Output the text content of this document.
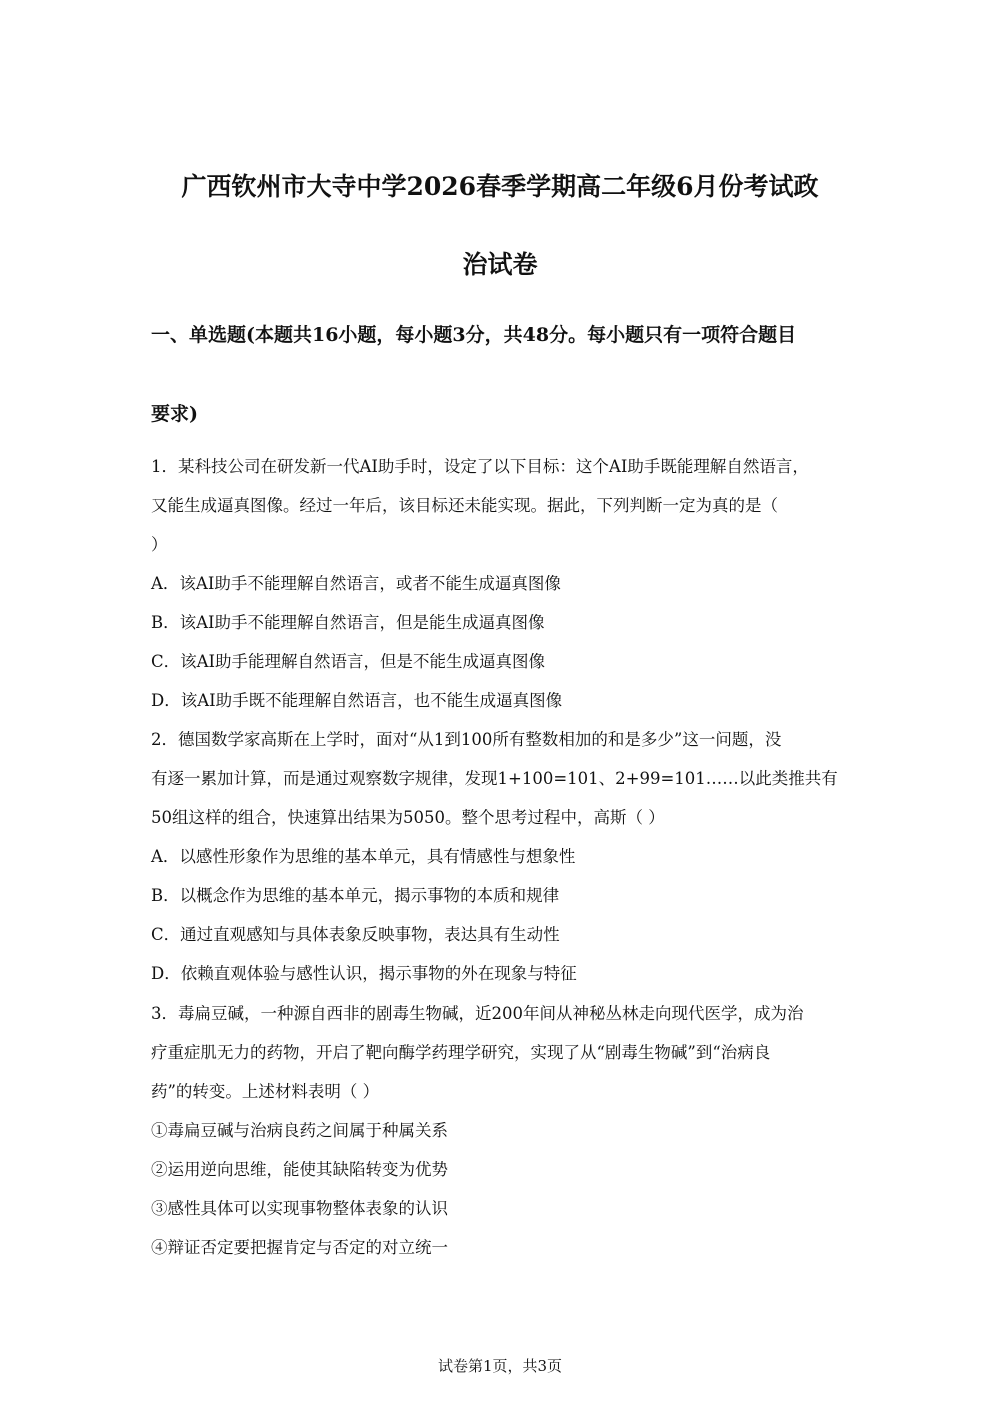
广西钦州市大寺中学2026春季学期高二年级6月份考试政
治试卷
一、单选题(本题共16小题，每小题3分，共48分。每小题只有一项符合题目
要求)
1．某科技公司在研发新一代AI助手时，设定了以下目标：这个AI助手既能理解自然语言，
又能生成逼真图像。经过一年后，该目标还未能实现。据此，下列判断一定为真的是（
）
A．该AI助手不能理解自然语言，或者不能生成逼真图像
B．该AI助手不能理解自然语言，但是能生成逼真图像
C．该AI助手能理解自然语言，但是不能生成逼真图像
D．该AI助手既不能理解自然语言，也不能生成逼真图像
2．德国数学家高斯在上学时，面对“从1到100所有整数相加的和是多少”这一问题，没
有逐一累加计算，而是通过观察数字规律，发现1+100=101、2+99=101……以此类推共有
50组这样的组合，快速算出结果为5050。整个思考过程中，高斯（ ）
A．以感性形象作为思维的基本单元，具有情感性与想象性
B．以概念作为思维的基本单元，揭示事物的本质和规律
C．通过直观感知与具体表象反映事物，表达具有生动性
D．依赖直观体验与感性认识，揭示事物的外在现象与特征
3．毒扁豆碱，一种源自西非的剧毒生物碱，近200年间从神秘丛林走向现代医学，成为治
疗重症肌无力的药物，开启了靶向酶学药理学研究，实现了从“剧毒生物碱”到“治病良
药”的转变。上述材料表明（ ）
①毒扁豆碱与治病良药之间属于种属关系
②运用逆向思维，能使其缺陷转变为优势
③感性具体可以实现事物整体表象的认识
④辩证否定要把握肯定与否定的对立统一
试卷第1页，共3页
